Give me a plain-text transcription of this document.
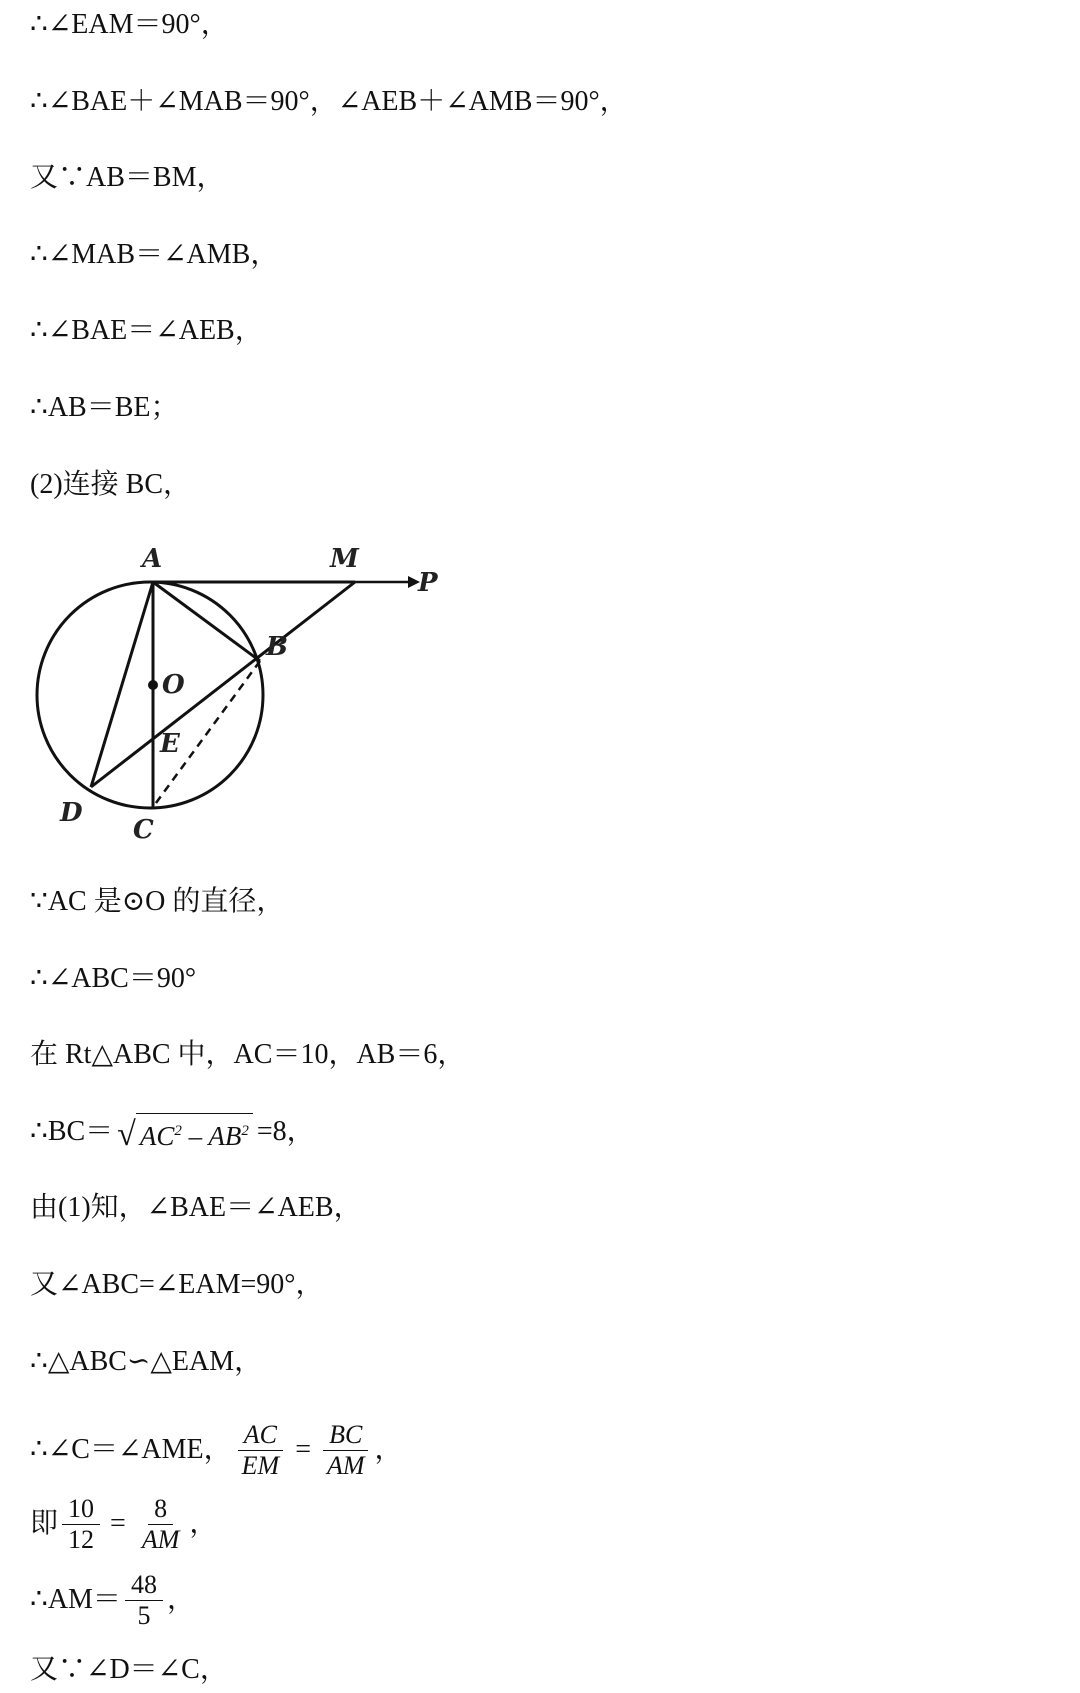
∴∠EAM＝90°，
∴∠BAE＋∠MAB＝90°，∠AEB＋∠AMB＝90°，
又∵AB＝BM，
∴∠MAB＝∠AMB，
∴∠BAE＝∠AEB，
∴AB＝BE；
(2)连接 BC，
A	M
P
B
O
E
D
C
∵AC 是⊙O 的直径，
∴∠ABC＝90°
在 Rt△ABC 中，AC＝10，AB＝6，
∴BC＝ √ $AC^2 - AB^2 =8$，
由(1)知，∠BAE＝∠AEB，
又∠ABC=∠EAM=90°，
∴△ABC∽△EAM，
∴∠C＝∠AME， $\frac{AC}{EM} = \frac{BC}{AM}$ ，
即 $\frac{10}{12} = \frac{8}{AM}$ ，
∴AM＝ $\frac{48}{5}$ ，
又∵∠D＝∠C，
